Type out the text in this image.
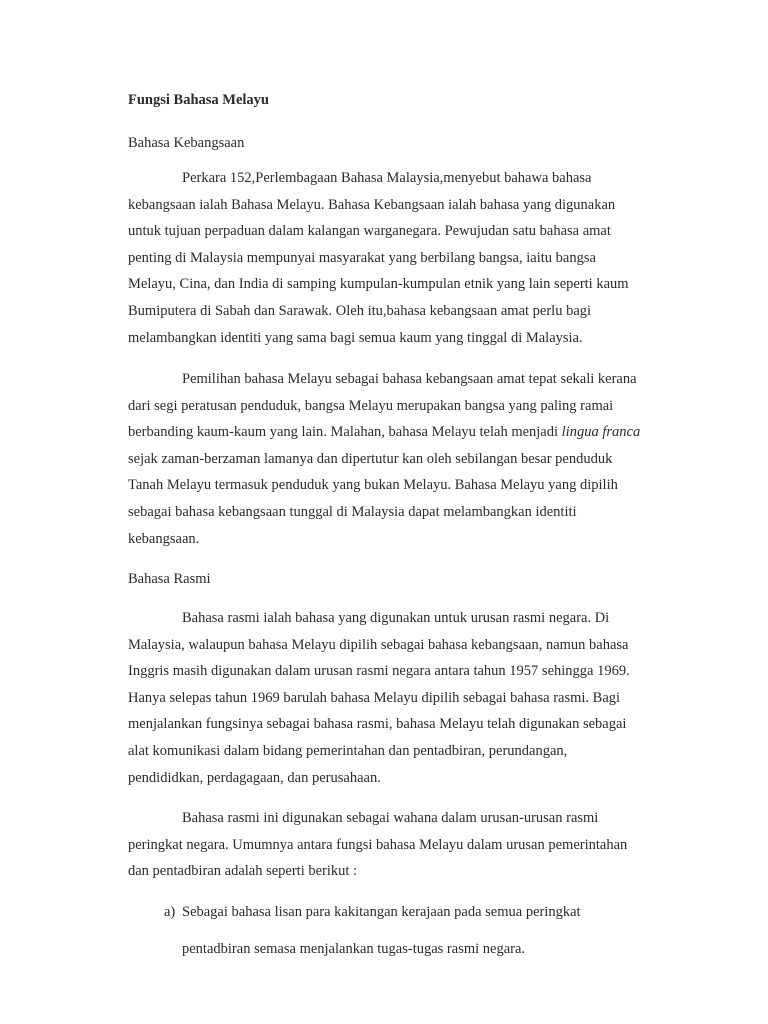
Fungsi Bahasa Melayu
Bahasa Kebangsaan
Perkara 152,Perlembagaan Bahasa Malaysia,menyebut bahawa bahasa
kebangsaan ialah Bahasa Melayu. Bahasa Kebangsaan ialah bahasa yang digunakan
untuk tujuan perpaduan dalam kalangan warganegara. Pewujudan satu bahasa amat
penting di Malaysia mempunyai masyarakat yang berbilang bangsa, iaitu bangsa
Melayu, Cina, dan India di samping kumpulan-kumpulan etnik yang lain seperti kaum
Bumiputera di Sabah dan Sarawak. Oleh itu,bahasa kebangsaan amat perlu bagi
melambangkan identiti yang sama bagi semua kaum yang tinggal di Malaysia.
Pemilihan bahasa Melayu sebagai bahasa kebangsaan amat tepat sekali kerana
dari segi peratusan penduduk, bangsa Melayu merupakan bangsa yang paling ramai
berbanding kaum-kaum yang lain. Malahan, bahasa Melayu telah menjadi lingua franca
sejak zaman-berzaman lamanya dan dipertutur kan oleh sebilangan besar penduduk
Tanah Melayu termasuk penduduk yang bukan Melayu. Bahasa Melayu yang dipilih
sebagai bahasa kebangsaan tunggal di Malaysia dapat melambangkan identiti
kebangsaan.
Bahasa Rasmi
Bahasa rasmi ialah bahasa yang digunakan untuk urusan rasmi negara. Di
Malaysia, walaupun bahasa Melayu dipilih sebagai bahasa kebangsaan, namun bahasa
Inggris masih digunakan dalam urusan rasmi negara antara tahun 1957 sehingga 1969.
Hanya selepas tahun 1969 barulah bahasa Melayu dipilih sebagai bahasa rasmi. Bagi
menjalankan fungsinya sebagai bahasa rasmi, bahasa Melayu telah digunakan sebagai
alat komunikasi dalam bidang pemerintahan dan pentadbiran, perundangan,
pendididkan, perdagagaan, dan perusahaan.
Bahasa rasmi ini digunakan sebagai wahana dalam urusan-urusan rasmi
peringkat negara. Umumnya antara fungsi bahasa Melayu dalam urusan pemerintahan
dan pentadbiran adalah seperti berikut :
a) Sebagai bahasa lisan para kakitangan kerajaan pada semua peringkat
pentadbiran semasa menjalankan tugas-tugas rasmi negara.
